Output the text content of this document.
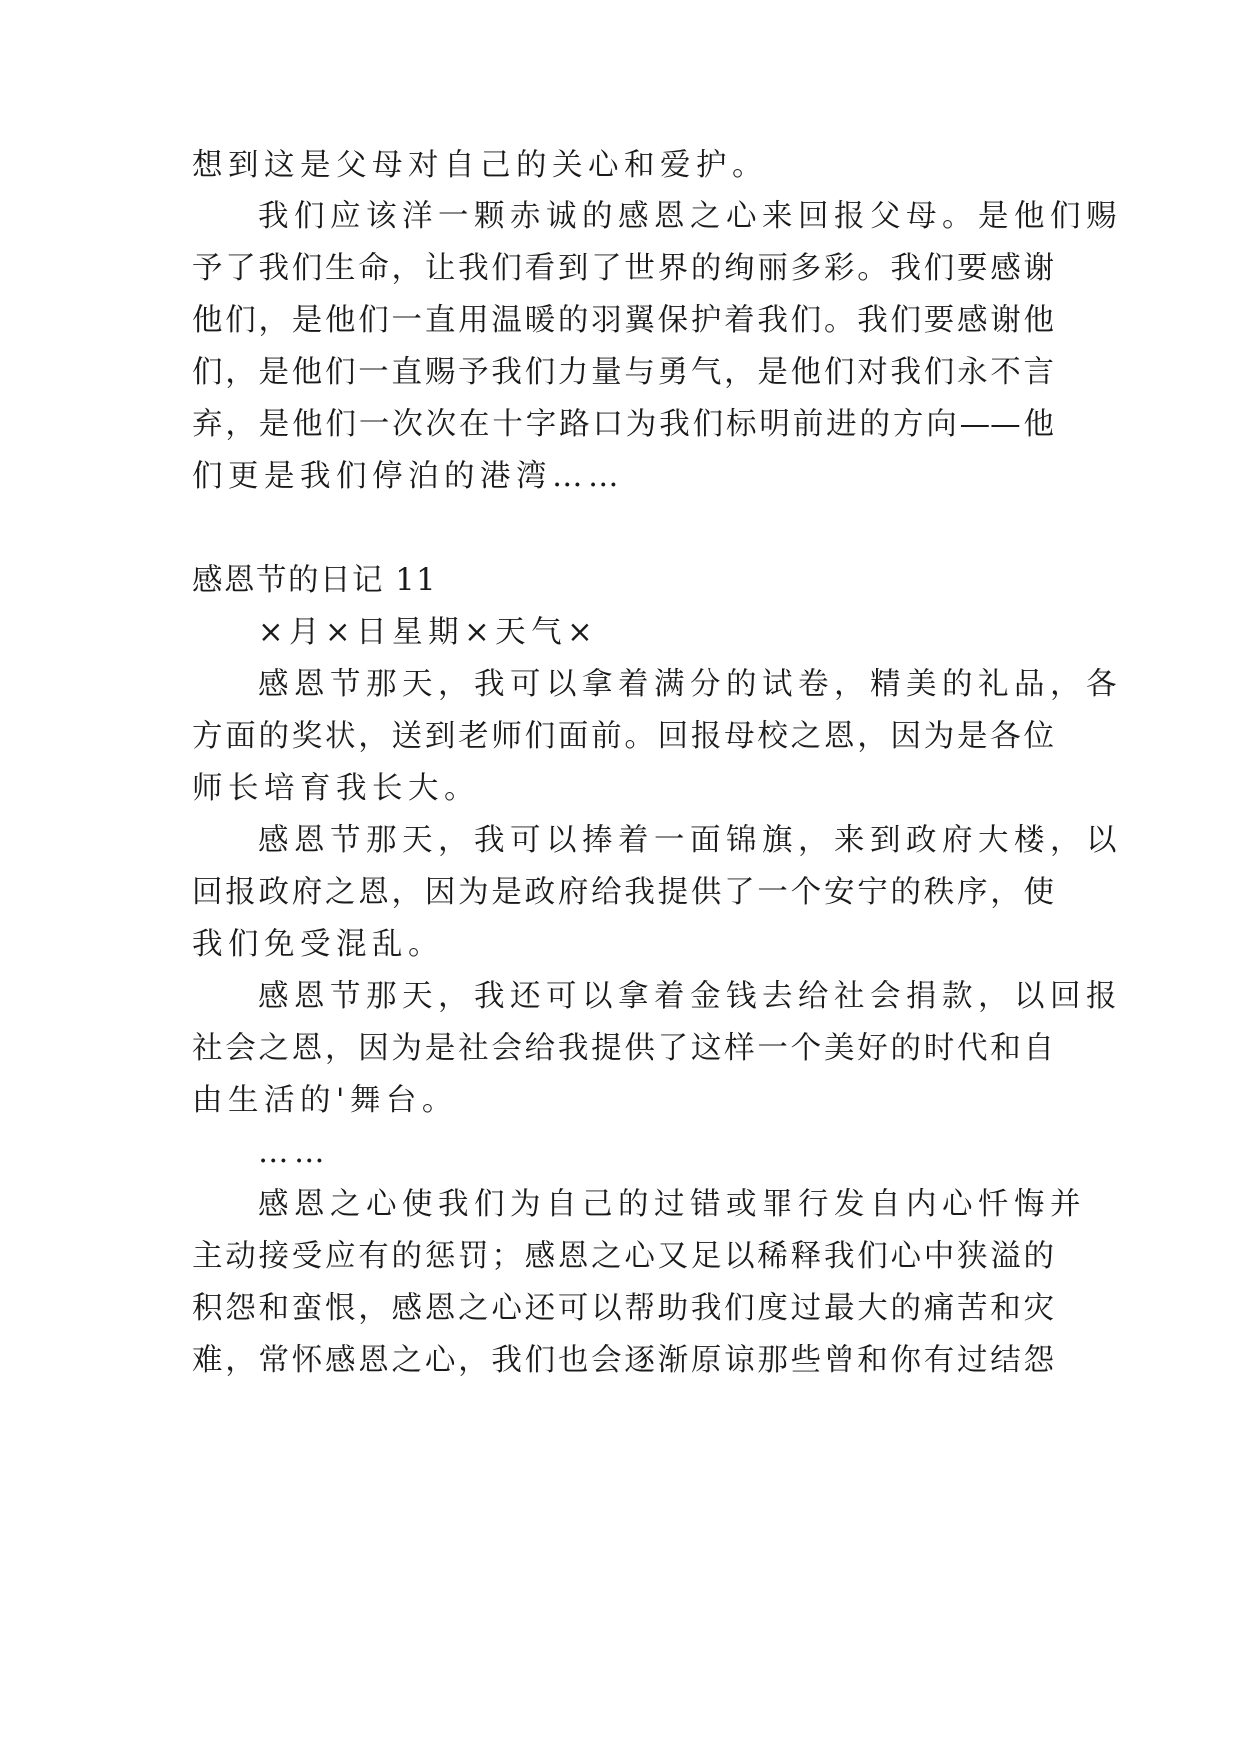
想到这是父母对自己的关心和爱护。
我们应该洋一颗赤诚的感恩之心来回报父母。是他们赐
予了我们生命，让我们看到了世界的绚丽多彩。我们要感谢
他们，是他们一直用温暖的羽翼保护着我们。我们要感谢他
们，是他们一直赐予我们力量与勇气，是他们对我们永不言
弃，是他们一次次在十字路口为我们标明前进的方向——他
们更是我们停泊的港湾……
感恩节的日记 11
×月×日星期×天气×
感恩节那天，我可以拿着满分的试卷，精美的礼品，各
方面的奖状，送到老师们面前。回报母校之恩，因为是各位
师长培育我长大。
感恩节那天，我可以捧着一面锦旗，来到政府大楼，以
回报政府之恩，因为是政府给我提供了一个安宁的秩序，使
我们免受混乱。
感恩节那天，我还可以拿着金钱去给社会捐款，以回报
社会之恩，因为是社会给我提供了这样一个美好的时代和自
由生活的'舞台。
……
感恩之心使我们为自己的过错或罪行发自内心忏悔并
主动接受应有的惩罚；感恩之心又足以稀释我们心中狭溢的
积怨和蛮恨，感恩之心还可以帮助我们度过最大的痛苦和灾
难，常怀感恩之心，我们也会逐渐原谅那些曾和你有过结怨
